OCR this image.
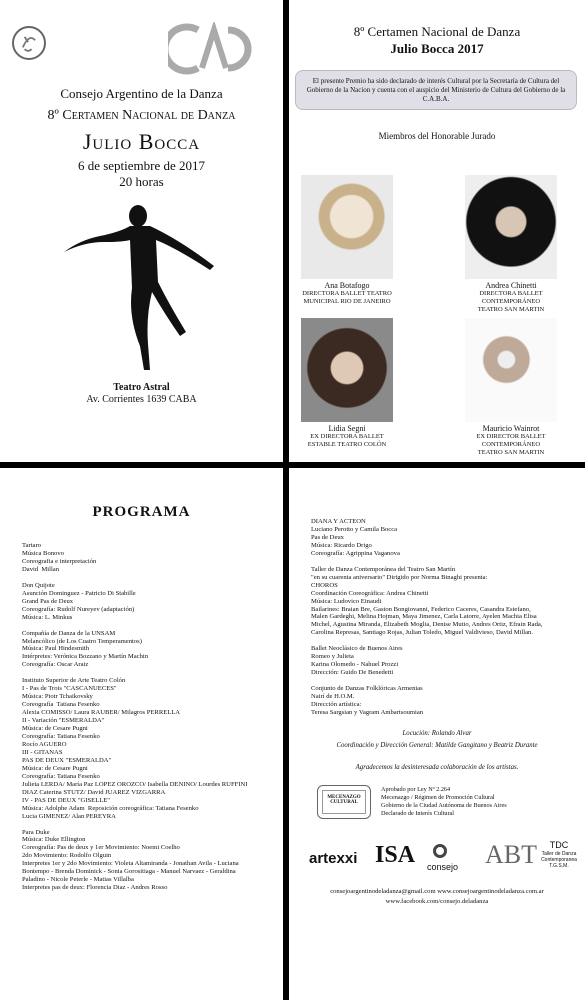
Consejo Argentino de la Danza
8º Certamen Nacional de Danza
Julio Bocca
6 de septiembre de 2017
20 horas
Teatro Astral
Av. Corrientes 1639 CABA
8º Certamen Nacional de Danza
Julio Bocca 2017
El presente Premio ha sido declarado de interés Cultural por la Secretaría de Cultura del Gobierno de la Nacion y cuenta con el auspicio del Ministerio de Cultura del Gobierno de la C.A.B.A.
Miembros del Honorable Jurado
Ana Botafogo
DIRECTORA BALLET TEATRO
MUNICIPAL RIO DE JANEIRO
Andrea Chinetti
DIRECTORA BALLET CONTEMPORÁNEO
TEATRO SAN MARTIN
Lidia Segni
EX DIRECTORA BALLET
ESTABLE TEATRO COLÓN
Mauricio Wainrot
EX DIRECTOR BALLET CONTEMPORÁNEO
TEATRO SAN MARTIN
PROGRAMA
Tartaro
Música Bonovo
Coreografia e interpretación
David  Millan
Don Quijote
Asunción Dominguez - Patricio Di Stabille
Grand Pas de Deux
Coreografía: Rudolf Nureyev (adaptación)
Música: L. Minkus
Compañía de Danza de la UNSAM
Melancólico (de Los Cuatro Temperamentos)
Música: Paul Hindesmith
Intérpretes: Verónica Bozzano y Martín Machin
Coreografía: Oscar Araiz
Instituto Superior de Arte Teatro Colón
I - Pas de Trois "CASCANUECES"
Música: Piotr Tchaikovsky
Coreografía  Tatiana Fesenko
Alexia COMISSO/ Laura RAUBER/ Milagros PERRELLA
II - Variación "ESMERALDA"
Música: de Cesare Pugni
Coreografía: Tatiana Fesenko
Rocío AGUERO
III - GITANAS
PAS DE DEUX "ESMERALDA"
Música: de Cesare Pugni
Coreografía: Tatiana Fesenko
Julieta LERDA/ María Paz LOPEZ OROZCO/ Isabella DENINO/ Lourdes RUFFINI
DIAZ Caterina STUTZ/ David JUAREZ VIZGARRA
IV - PAS DE DEUX "GISELLE"
Música: Adolphe Adam  Reposición coreográfica: Tatiana Fesenko
Lucia GIMENEZ/ Alan PEREYRA
Para Duke
Música: Duke Ellington
Coreografía: Pas de deux y 1er Movimiento: Noemi Coelho
2do Movimiento: Rodolfo Olguin
Interpretes 1er y 2do Movimiento: Violeta Altamiranda - Jonathan Avila - Luciana
Bontempo - Brenda Dominick - Sonia Gorositiaga - Manuel Narvaez - Geraldina
Paladino - Nicole Peterle - Matias Villalba
Interpretes pas de deux: Florencia Diaz - Andres Rosso
DIANA Y ACTEON
Luciano Perotto y Camila Bocca
Pas de Deux
Música: Ricardo Drigo
Coreografía: Agrippina Vaganova
Taller de Danza Contemporánea del Teatro San Martín
"en su cuarenta aniversario" Dirigido por Norma Binaghi presenta:
CHOROS
Coordinación Coreográfica: Andrea Chinetti
Música: Ludovico Einaudi
Bailarines: Braian Bre, Gaston Bongiovanni, Federico Caceres, Casandra Estefano,
Malen Gardeghi, Melina Hojman, Maya Jimenez, Carla Latorre, Ayelen Machia Elisa
Michel, Agustina Miranda, Elizabeth Moglia, Denise Mutio, Andres Ortiz, Efrain Rada,
Carolina Represas, Santiago Rojas, Julian Toledo, Miguel Valdivieso, David Millan.
Ballet Neoclásico de Buenos Aires
Romeo y Julieta
Karina Olomedo - Nahuel Prozzi
Dirección: Guido De Benedetti
Conjunto de Danzas Folklóricas Armenias
Nairí de H.O.M.
Dirección artística:
Teresa Sargsian y Vagram Ambartsoumian
Locución: Rolando Alvar
Coordinación y Dirección General: Matilde Gangitano y Beatriz Durante
Agradecemos la desinteresada colaboración de los artistas.
MECENAZGO
CULTURAL
Aprobado por Ley Nº 2.264
Mecenazgo / Régimen de Promoción Cultural
Gobierno de la Ciudad Autónoma de Buenos Aires
Declarado de Interés Cultural
artexxi ISA consejo ABT	TDC
Taller de Danza
Contemporanea
T.G.S.M.
consejoargentinodeladanza@gmail.com www.consejoargentinodeladanza.com.ar
www.facebook.com/consejo.deladanza
